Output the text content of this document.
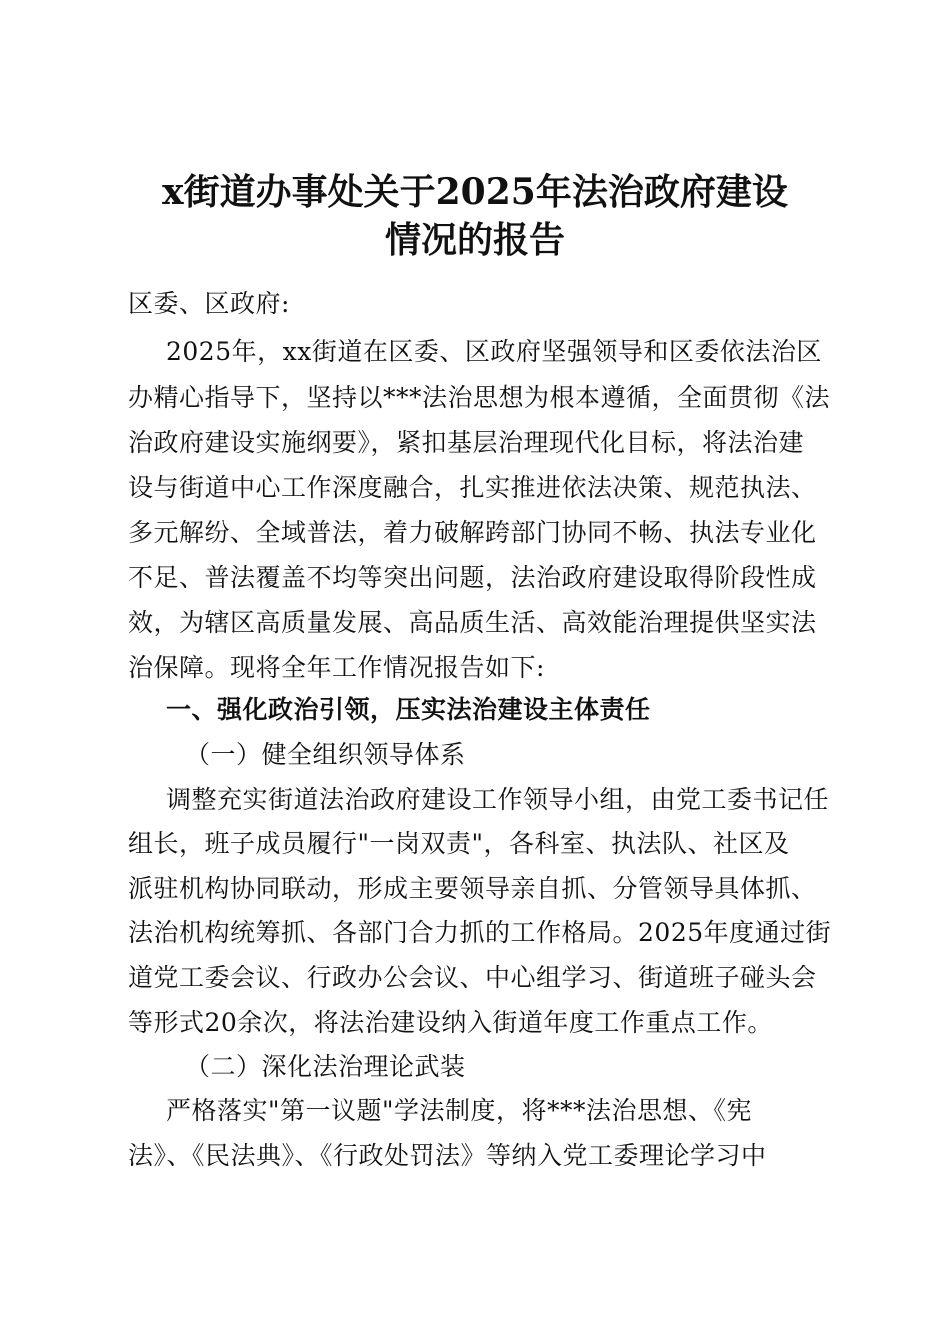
x街道办事处关于2025年法治政府建设
情况的报告

区委、区政府:

2025年，xx街道在区委、区政府坚强领导和区委依法治区

办精心指导下，坚持以***法治思想为根本遵循，全面贯彻《法

治政府建设实施纲要》，紧扣基层治理现代化目标，将法治建

设与街道中心工作深度融合，扎实推进依法决策、规范执法、

多元解纷、全域普法，着力破解跨部门协同不畅、执法专业化

不足、普法覆盖不均等突出问题，法治政府建设取得阶段性成

效，为辖区高质量发展、高品质生活、高效能治理提供坚实法

治保障。现将全年工作情况报告如下:

一、强化政治引领，压实法治建设主体责任

（一）健全组织领导体系

调整充实街道法治政府建设工作领导小组，由党工委书记任

组长，班子成员履行"一岗双责"，各科室、执法队、社区及

派驻机构协同联动，形成主要领导亲自抓、分管领导具体抓、

法治机构统筹抓、各部门合力抓的工作格局。2025年度通过街

道党工委会议、行政办公会议、中心组学习、街道班子碰头会

等形式20余次，将法治建设纳入街道年度工作重点工作。

（二）深化法治理论武装

严格落实"第一议题"学法制度，将***法治思想、《宪

法》、《民法典》、《行政处罚法》等纳入党工委理论学习中
